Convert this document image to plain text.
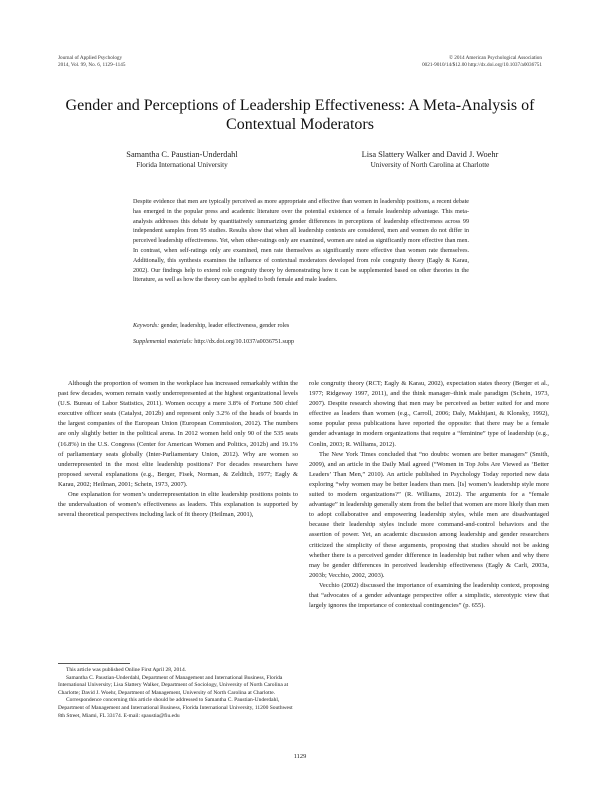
Journal of Applied Psychology
2014, Vol. 99, No. 6, 1129–1145
© 2014 American Psychological Association
0021-9010/14/$12.00 http://dx.doi.org/10.1037/a0036751
Gender and Perceptions of Leadership Effectiveness: A Meta-Analysis of Contextual Moderators
Samantha C. Paustian-Underdahl
Florida International University
Lisa Slattery Walker and David J. Woehr
University of North Carolina at Charlotte
Despite evidence that men are typically perceived as more appropriate and effective than women in leadership positions, a recent debate has emerged in the popular press and academic literature over the potential existence of a female leadership advantage. This meta-analysis addresses this debate by quantitatively summarizing gender differences in perceptions of leadership effectiveness across 99 independent samples from 95 studies. Results show that when all leadership contexts are considered, men and women do not differ in perceived leadership effectiveness. Yet, when other-ratings only are examined, women are rated as significantly more effective than men. In contrast, when self-ratings only are examined, men rate themselves as significantly more effective than women rate themselves. Additionally, this synthesis examines the influence of contextual moderators developed from role congruity theory (Eagly & Karau, 2002). Our findings help to extend role congruity theory by demonstrating how it can be supplemented based on other theories in the literature, as well as how the theory can be applied to both female and male leaders.
Keywords: gender, leadership, leader effectiveness, gender roles
Supplemental materials: http://dx.doi.org/10.1037/a0036751.supp

Although the proportion of women in the workplace has increased remarkably within the past few decades, women remain vastly underrepresented at the highest organizational levels (U.S. Bureau of Labor Statistics, 2011). Women occupy a mere 3.8% of Fortune 500 chief executive officer seats (Catalyst, 2012b) and represent only 3.2% of the heads of boards in the largest companies of the European Union (European Commission, 2012). The numbers are only slightly better in the political arena. In 2012 women held only 90 of the 535 seats (16.8%) in the U.S. Congress (Center for American Women and Politics, 2012b) and 19.1% of parliamentary seats globally (Inter-Parliamentary Union, 2012). Why are women so underrepresented in the most elite leadership positions? For decades researchers have proposed several explanations (e.g., Berger, Fisek, Norman, & Zelditch, 1977; Eagly & Karau, 2002; Heilman, 2001; Schein, 1973, 2007).

One explanation for women’s underrepresentation in elite leadership positions points to the undervaluation of women’s effectiveness as leaders. This explanation is supported by several theoretical perspectives including lack of fit theory (Heilman, 2001),

This article was published Online First April 28, 2014.

Samantha C. Paustian-Underdahl, Department of Management and International Business, Florida International University; Lisa Slattery Walker, Department of Sociology, University of North Carolina at Charlotte; David J. Woehr, Department of Management, University of North Carolina at Charlotte.

Correspondence concerning this article should be addressed to Samantha C. Paustian-Underdahl, Department of Management and International Business, Florida International University, 11200 Southwest 8th Street, Miami, FL 33174. E-mail: spaustia@fiu.edu

role congruity theory (RCT; Eagly & Karau, 2002), expectation states theory (Berger et al., 1977; Ridgeway 1997, 2011), and the think manager–think male paradigm (Schein, 1973, 2007). Despite research showing that men may be perceived as better suited for and more effective as leaders than women (e.g., Carroll, 2006; Daly, Makhijani, & Klonsky, 1992), some popular press publications have reported the opposite: that there may be a female gender advantage in modern organizations that require a “feminine” type of leadership (e.g., Conlin, 2003; R. Williams, 2012).

The New York Times concluded that “no doubts: women are better managers” (Smith, 2009), and an article in the Daily Mail agreed (“Women in Top Jobs Are Viewed as ‘Better Leaders’ Than Men,” 2010). An article published in Psychology Today reported new data exploring “why women may be better leaders than men. [Is] women’s leadership style more suited to modern organizations?” (R. Williams, 2012). The arguments for a “female advantage” in leadership generally stem from the belief that women are more likely than men to adopt collaborative and empowering leadership styles, while men are disadvantaged because their leadership styles include more command-and-control behaviors and the assertion of power. Yet, an academic discussion among leadership and gender researchers criticized the simplicity of these arguments, proposing that studies should not be asking whether there is a perceived gender difference in leadership but rather when and why there may be gender differences in perceived leadership effectiveness (Eagly & Carli, 2003a, 2003b; Vecchio, 2002, 2003).

Vecchio (2002) discussed the importance of examining the leadership context, proposing that “advocates of a gender advantage perspective offer a simplistic, stereotypic view that largely ignores the importance of contextual contingencies” (p. 655).

1129
